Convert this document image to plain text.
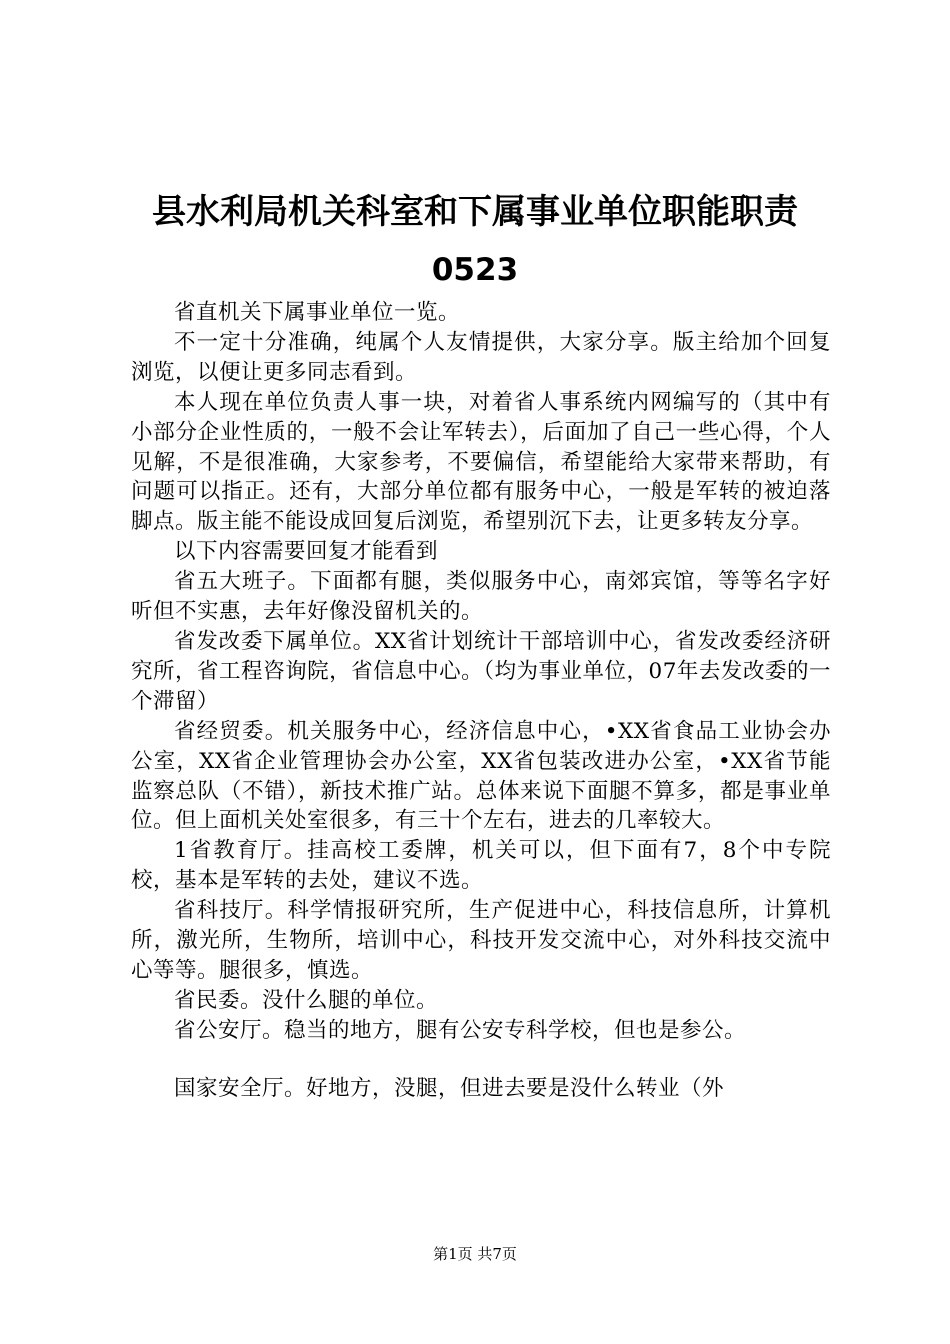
县水利局机关科室和下属事业单位职能职责
0523

省直机关下属事业单位一览。

不一定十分准确，纯属个人友情提供，大家分享。版主给加个回复浏览，以便让更多同志看到。

本人现在单位负责人事一块，对着省人事系统内网编写的（其中有小部分企业性质的，一般不会让军转去），后面加了自己一些心得，个人见解，不是很准确，大家参考，不要偏信，希望能给大家带来帮助，有问题可以指正。还有，大部分单位都有服务中心，一般是军转的被迫落脚点。版主能不能设成回复后浏览，希望别沉下去，让更多转友分享。

以下内容需要回复才能看到

省五大班子。下面都有腿，类似服务中心，南郊宾馆，等等名字好听但不实惠，去年好像没留机关的。

省发改委下属单位。XX省计划统计干部培训中心，省发改委经济研究所，省工程咨询院，省信息中心。（均为事业单位，07年去发改委的一个滞留）

省经贸委。机关服务中心，经济信息中心，•XX省食品工业协会办公室，XX省企业管理协会办公室，XX省包装改进办公室，•XX省节能监察总队（不错），新技术推广站。总体来说下面腿不算多，都是事业单位。但上面机关处室很多，有三十个左右，进去的几率较大。

1省教育厅。挂高校工委牌，机关可以，但下面有7，8个中专院校，基本是军转的去处，建议不选。

省科技厅。科学情报研究所，生产促进中心，科技信息所，计算机所，激光所，生物所，培训中心，科技开发交流中心，对外科技交流中心等等。腿很多，慎选。

省民委。没什么腿的单位。

省公安厅。稳当的地方，腿有公安专科学校，但也是参公。

国家安全厅。好地方，没腿，但进去要是没什么转业（外

第1页 共7页
